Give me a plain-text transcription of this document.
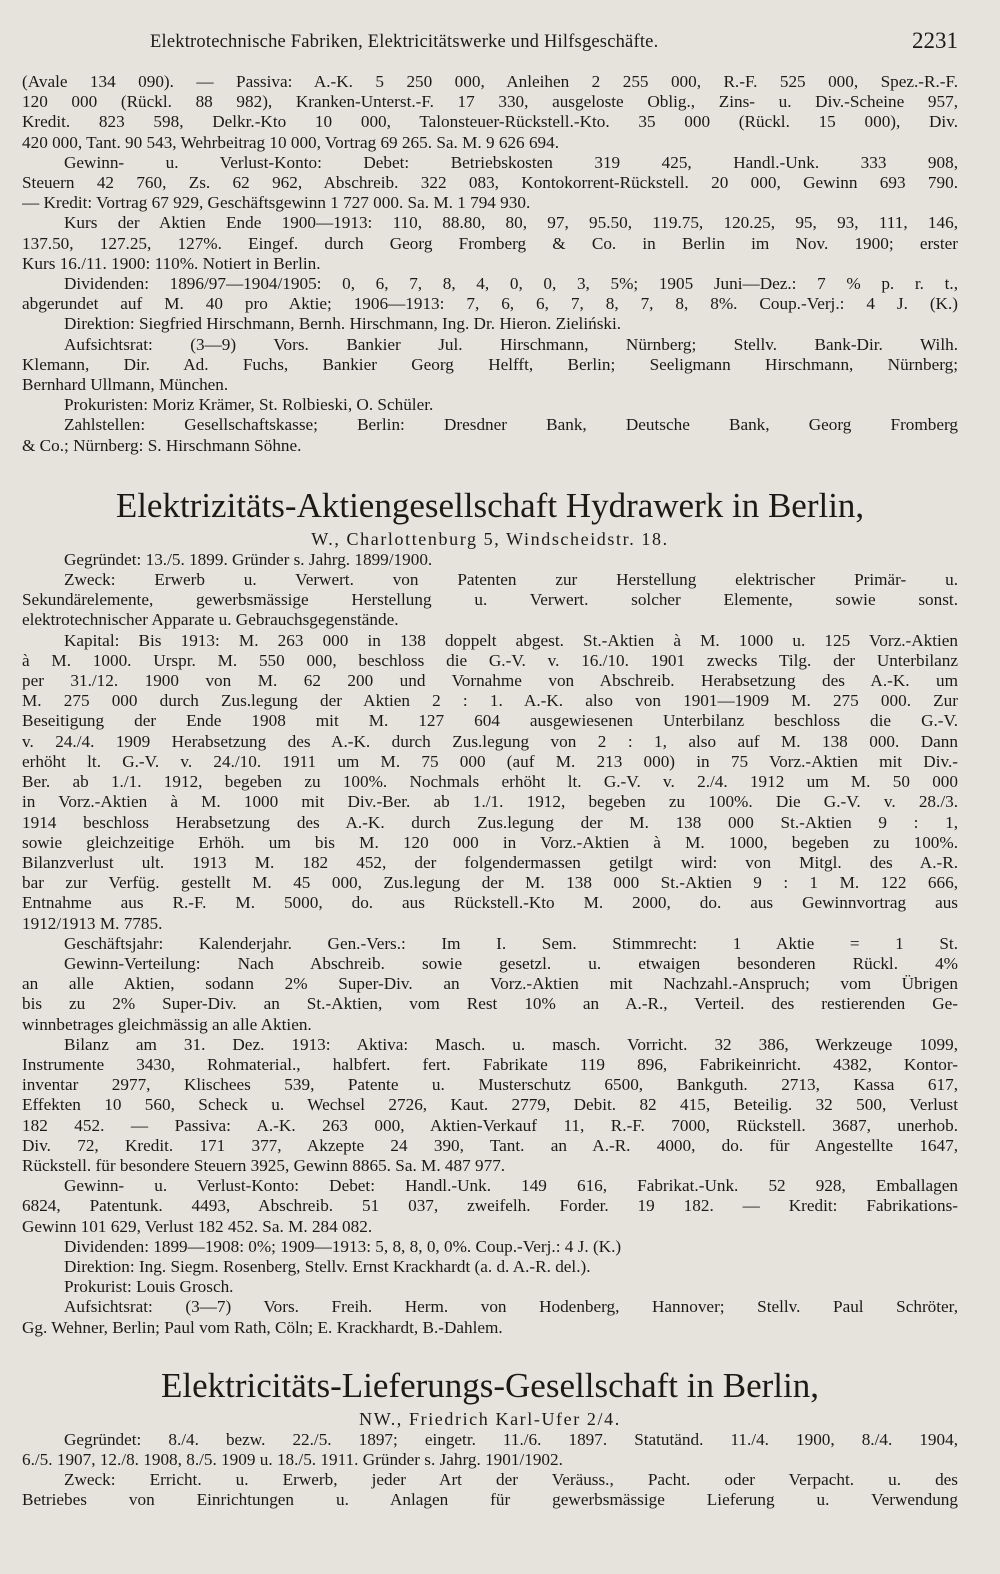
Elektrotechnische Fabriken, Elektricitätswerke und Hilfsgeschäfte.	2231
(Avale 134 090). — Passiva: A.-K. 5 250 000, Anleihen 2 255 000, R.-F. 525 000, Spez.-R.-F.
120 000 (Rückl. 88 982), Kranken-Unterst.-F. 17 330, ausgeloste Oblig., Zins- u. Div.-Scheine 957,
Kredit. 823 598, Delkr.-Kto 10 000, Talonsteuer-Rückstell.-Kto. 35 000 (Rückl. 15 000), Div.
420 000, Tant. 90 543, Wehrbeitrag 10 000, Vortrag 69 265. Sa. M. 9 626 694.
Gewinn- u. Verlust-Konto: Debet: Betriebskosten 319 425, Handl.-Unk. 333 908,
Steuern 42 760, Zs. 62 962, Abschreib. 322 083, Kontokorrent-Rückstell. 20 000, Gewinn 693 790.
— Kredit: Vortrag 67 929, Geschäftsgewinn 1 727 000. Sa. M. 1 794 930.
Kurs der Aktien Ende 1900—1913: 110, 88.80, 80, 97, 95.50, 119.75, 120.25, 95, 93, 111, 146,
137.50, 127.25, 127%. Eingef. durch Georg Fromberg & Co. in Berlin im Nov. 1900; erster
Kurs 16./11. 1900: 110%. Notiert in Berlin.
Dividenden: 1896/97—1904/1905: 0, 6, 7, 8, 4, 0, 0, 3, 5%; 1905 Juni—Dez.: 7 % p. r. t.,
abgerundet auf M. 40 pro Aktie; 1906—1913: 7, 6, 6, 7, 8, 7, 8, 8%. Coup.-Verj.: 4 J. (K.)
Direktion: Siegfried Hirschmann, Bernh. Hirschmann, Ing. Dr. Hieron. Zieliński.
Aufsichtsrat: (3—9) Vors. Bankier Jul. Hirschmann, Nürnberg; Stellv. Bank-Dir. Wilh.
Klemann, Dir. Ad. Fuchs, Bankier Georg Helfft, Berlin; Seeligmann Hirschmann, Nürnberg;
Bernhard Ullmann, München.
Prokuristen: Moriz Krämer, St. Rolbieski, O. Schüler.
Zahlstellen: Gesellschaftskasse; Berlin: Dresdner Bank, Deutsche Bank, Georg Fromberg
& Co.; Nürnberg: S. Hirschmann Söhne.
Elektrizitäts-Aktiengesellschaft Hydrawerk in Berlin,
W., Charlottenburg 5, Windscheidstr. 18.
Gegründet: 13./5. 1899. Gründer s. Jahrg. 1899/1900.
Zweck: Erwerb u. Verwert. von Patenten zur Herstellung elektrischer Primär- u.
Sekundärelemente, gewerbsmässige Herstellung u. Verwert. solcher Elemente, sowie sonst.
elektrotechnischer Apparate u. Gebrauchsgegenstände.
Kapital: Bis 1913: M. 263 000 in 138 doppelt abgest. St.-Aktien à M. 1000 u. 125 Vorz.-Aktien
à M. 1000. Urspr. M. 550 000, beschloss die G.-V. v. 16./10. 1901 zwecks Tilg. der Unterbilanz
per 31./12. 1900 von M. 62 200 und Vornahme von Abschreib. Herabsetzung des A.-K. um
M. 275 000 durch Zus.legung der Aktien 2 : 1. A.-K. also von 1901—1909 M. 275 000. Zur
Beseitigung der Ende 1908 mit M. 127 604 ausgewiesenen Unterbilanz beschloss die G.-V.
v. 24./4. 1909 Herabsetzung des A.-K. durch Zus.legung von 2 : 1, also auf M. 138 000. Dann
erhöht lt. G.-V. v. 24./10. 1911 um M. 75 000 (auf M. 213 000) in 75 Vorz.-Aktien mit Div.-
Ber. ab 1./1. 1912, begeben zu 100%. Nochmals erhöht lt. G.-V. v. 2./4. 1912 um M. 50 000
in Vorz.-Aktien à M. 1000 mit Div.-Ber. ab 1./1. 1912, begeben zu 100%. Die G.-V. v. 28./3.
1914 beschloss Herabsetzung des A.-K. durch Zus.legung der M. 138 000 St.-Aktien 9 : 1,
sowie gleichzeitige Erhöh. um bis M. 120 000 in Vorz.-Aktien à M. 1000, begeben zu 100%.
Bilanzverlust ult. 1913 M. 182 452, der folgendermassen getilgt wird: von Mitgl. des A.-R.
bar zur Verfüg. gestellt M. 45 000, Zus.legung der M. 138 000 St.-Aktien 9 : 1 M. 122 666,
Entnahme aus R.-F. M. 5000, do. aus Rückstell.-Kto M. 2000, do. aus Gewinnvortrag aus
1912/1913 M. 7785.
Geschäftsjahr: Kalenderjahr. Gen.-Vers.: Im I. Sem. Stimmrecht: 1 Aktie = 1 St.
Gewinn-Verteilung: Nach Abschreib. sowie gesetzl. u. etwaigen besonderen Rückl. 4%
an alle Aktien, sodann 2% Super-Div. an Vorz.-Aktien mit Nachzahl.-Anspruch; vom Übrigen
bis zu 2% Super-Div. an St.-Aktien, vom Rest 10% an A.-R., Verteil. des restierenden Ge-
winnbetrages gleichmässig an alle Aktien.
Bilanz am 31. Dez. 1913: Aktiva: Masch. u. masch. Vorricht. 32 386, Werkzeuge 1099,
Instrumente 3430, Rohmaterial., halbfert. fert. Fabrikate 119 896, Fabrikeinricht. 4382, Kontor-
inventar 2977, Klischees 539, Patente u. Musterschutz 6500, Bankguth. 2713, Kassa 617,
Effekten 10 560, Scheck u. Wechsel 2726, Kaut. 2779, Debit. 82 415, Beteilig. 32 500, Verlust
182 452. — Passiva: A.-K. 263 000, Aktien-Verkauf 11, R.-F. 7000, Rückstell. 3687, unerhob.
Div. 72, Kredit. 171 377, Akzepte 24 390, Tant. an A.-R. 4000, do. für Angestellte 1647,
Rückstell. für besondere Steuern 3925, Gewinn 8865. Sa. M. 487 977.
Gewinn- u. Verlust-Konto: Debet: Handl.-Unk. 149 616, Fabrikat.-Unk. 52 928, Emballagen
6824, Patentunk. 4493, Abschreib. 51 037, zweifelh. Forder. 19 182. — Kredit: Fabrikations-
Gewinn 101 629, Verlust 182 452. Sa. M. 284 082.
Dividenden: 1899—1908: 0%; 1909—1913: 5, 8, 8, 0, 0%. Coup.-Verj.: 4 J. (K.)
Direktion: Ing. Siegm. Rosenberg, Stellv. Ernst Krackhardt (a. d. A.-R. del.).
Prokurist: Louis Grosch.
Aufsichtsrat: (3—7) Vors. Freih. Herm. von Hodenberg, Hannover; Stellv. Paul Schröter,
Gg. Wehner, Berlin; Paul vom Rath, Cöln; E. Krackhardt, B.-Dahlem.
Elektricitäts-Lieferungs-Gesellschaft in Berlin,
NW., Friedrich Karl-Ufer 2/4.
Gegründet: 8./4. bezw. 22./5. 1897; eingetr. 11./6. 1897. Statutänd. 11./4. 1900, 8./4. 1904,
6./5. 1907, 12./8. 1908, 8./5. 1909 u. 18./5. 1911. Gründer s. Jahrg. 1901/1902.
Zweck: Erricht. u. Erwerb, jeder Art der Veräuss., Pacht. oder Verpacht. u. des
Betriebes von Einrichtungen u. Anlagen für gewerbsmässige Lieferung u. Verwendung
